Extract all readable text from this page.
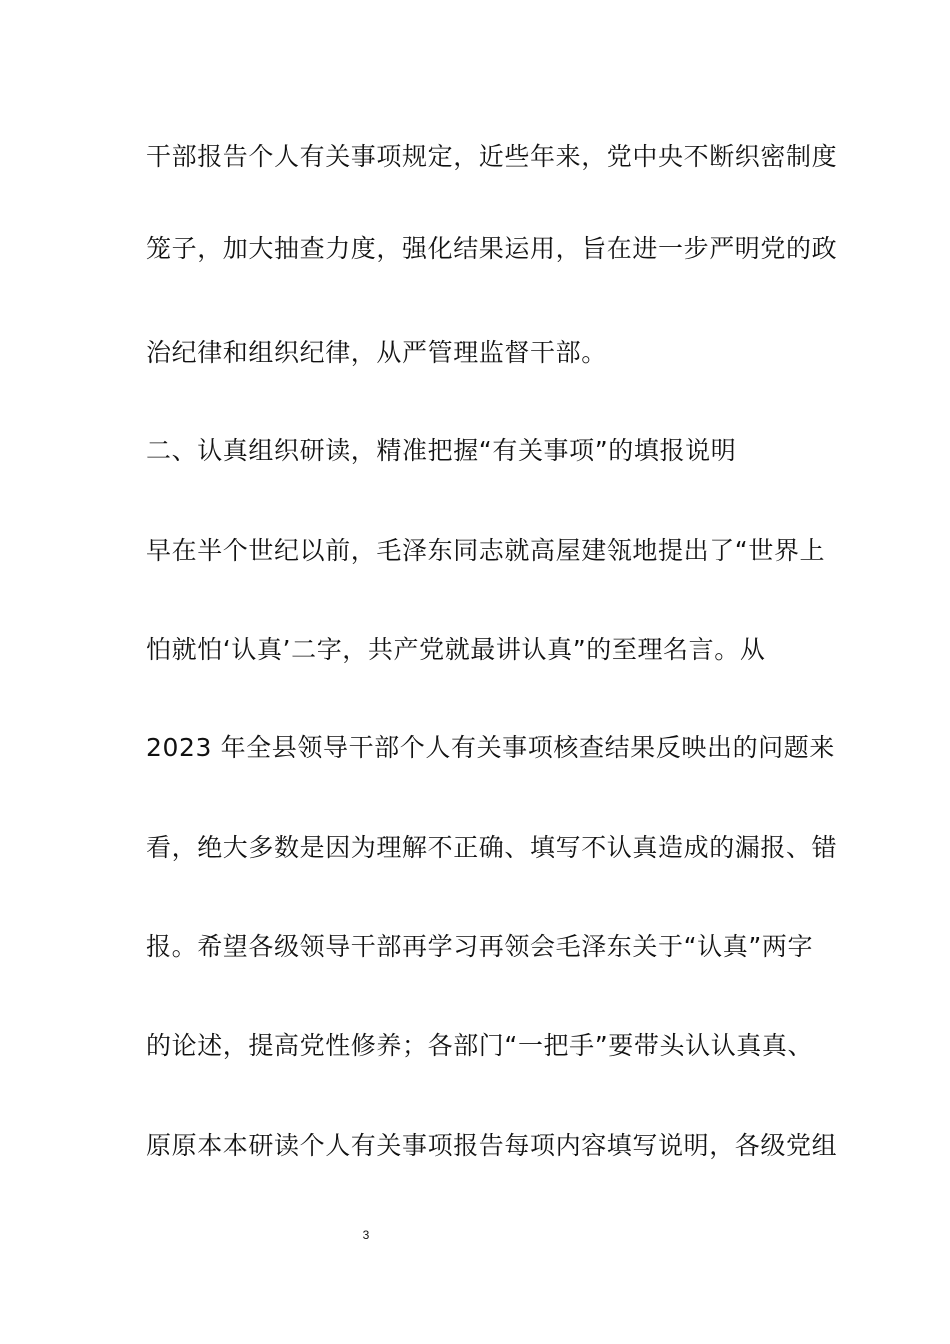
干部报告个人有关事项规定，近些年来，党中央不断织密制度
笼子，加大抽查力度，强化结果运用，旨在进一步严明党的政
治纪律和组织纪律，从严管理监督干部。
二、认真组织研读，精准把握“有关事项”的填报说明
早在半个世纪以前，毛泽东同志就高屋建瓴地提出了“世界上
怕就怕‘认真’二字，共产党就最讲认真”的至理名言。从
2023 年全县领导干部个人有关事项核查结果反映出的问题来
看，绝大多数是因为理解不正确、填写不认真造成的漏报、错
报。希望各级领导干部再学习再领会毛泽东关于“认真”两字
的论述，提高党性修养；各部门“一把手”要带头认认真真、
原原本本研读个人有关事项报告每项内容填写说明，各级党组
3
